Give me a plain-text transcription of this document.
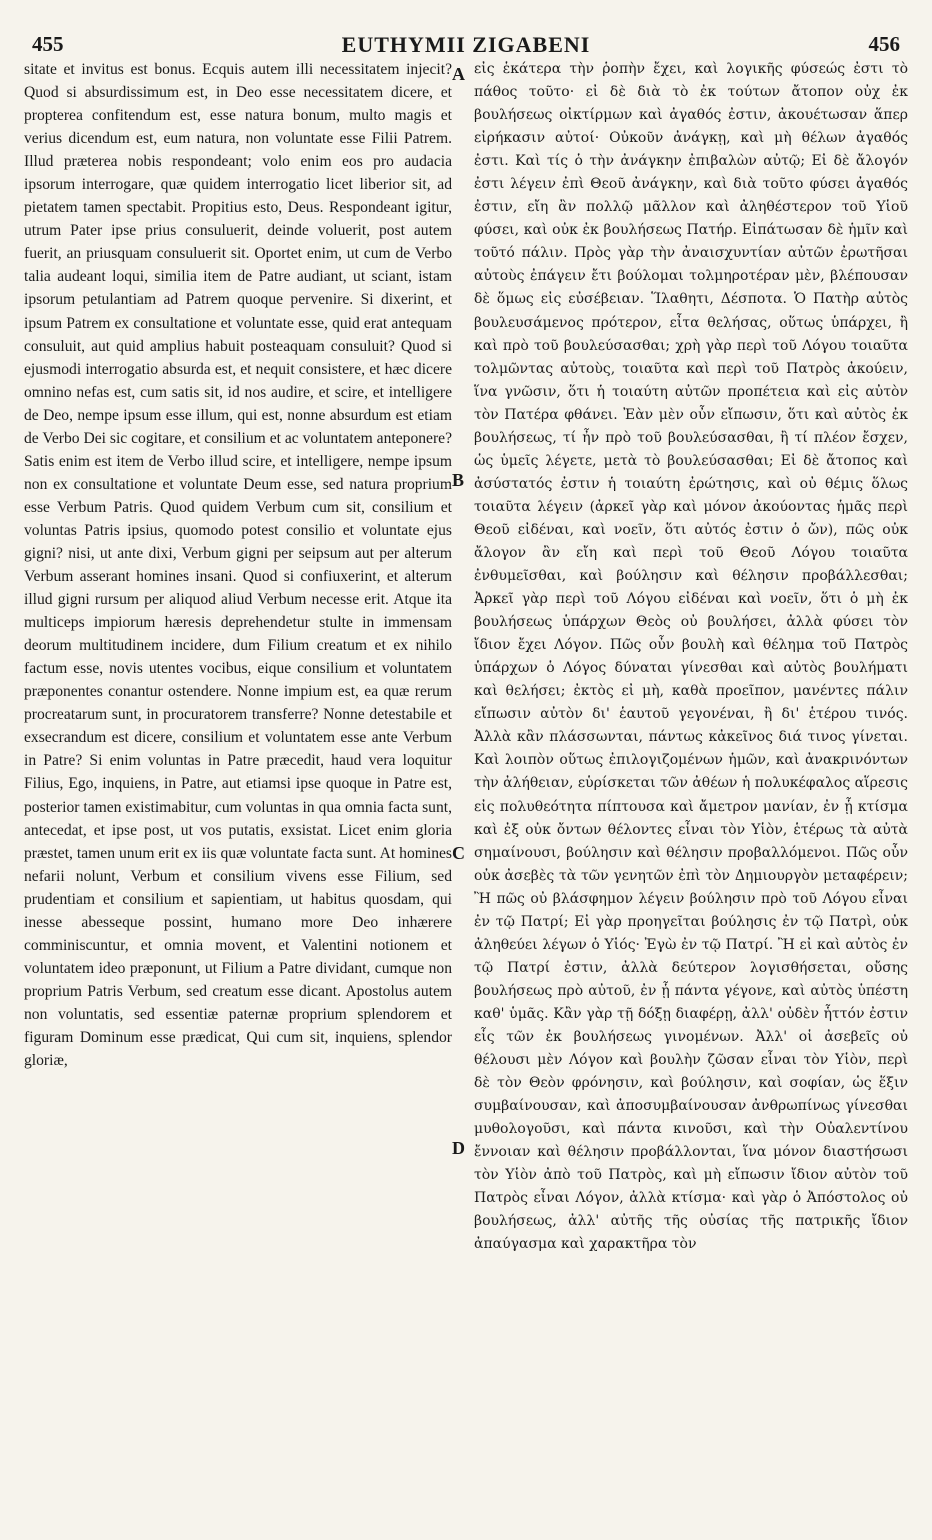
455	EUTHYMII ZIGABENI	456

sitate et invitus est bonus. Ecquis autem illi necessitatem injecit? Quod si absurdissimum est, in Deo esse necessitatem dicere, et propterea confitendum est, esse natura bonum, multo magis et verius dicendum est, eum natura, non voluntate esse Filii Patrem. Illud præterea nobis respondeant; volo enim eos pro audacia ipsorum interrogare, quæ quidem interrogatio licet liberior sit, ad pietatem tamen spectabit. Propitius esto, Deus. Respondeant igitur, utrum Pater ipse prius consuluerit, deinde voluerit, post autem fuerit, an priusquam consuluerit sit. Oportet enim, ut cum de Verbo talia audeant loqui, similia item de Patre audiant, ut sciant, istam ipsorum petulantiam ad Patrem quoque pervenire. Si dixerint, et ipsum Patrem ex consultatione et voluntate esse, quid erat antequam consuluit, aut quid amplius habuit posteaquam consuluit? Quod si ejusmodi interrogatio absurda est, et nequit consistere, et hæc dicere omnino nefas est, cum satis sit, id nos audire, et scire, et intelligere de Deo, nempe ipsum esse illum, qui est, nonne absurdum est etiam de Verbo Dei sic cogitare, et consilium et ac voluntatem anteponere? Satis enim est item de Verbo illud scire, et intelligere, nempe ipsum non ex consultatione et voluntate Deum esse, sed natura proprium esse Verbum Patris. Quod quidem Verbum cum sit, consilium et voluntas Patris ipsius, quomodo potest consilio et voluntate ejus gigni? nisi, ut ante dixi, Verbum gigni per seipsum aut per alterum Verbum asserant homines insani. Quod si confiuxerint, et alterum illud gigni rursum per aliquod aliud Verbum necesse erit. Atque ita multiceps impiorum hæresis deprehendetur stulte in immensam deorum multitudinem incidere, dum Filium creatum et ex nihilo factum esse, novis utentes vocibus, eique consilium et voluntatem præponentes conantur ostendere. Nonne impium est, ea quæ rerum procreatarum sunt, in procuratorem transferre? Nonne detestabile et exsecrandum est dicere, consilium et voluntatem esse ante Verbum in Patre? Si enim voluntas in Patre præcedit, haud vera loquitur Filius, Ego, inquiens, in Patre, aut etiamsi ipse quoque in Patre est, posterior tamen existimabitur, cum voluntas in qua omnia facta sunt, antecedat, et ipse post, ut vos putatis, exsistat. Licet enim gloria præstet, tamen unum erit ex iis quæ voluntate facta sunt. At homines nefarii nolunt, Verbum et consilium vivens esse Filium, sed prudentiam et consilium et sapientiam, ut habitus quosdam, qui inesse abesseque possint, humano more Deo inhærere comminiscuntur, et omnia movent, et Valentini notionem et voluntatem ideo præponunt, ut Filium a Patre dividant, cumque non proprium Patris Verbum, sed creatum esse dicant. Apostolus autem non voluntatis, sed essentiæ paternæ proprium splendorem et figuram Dominum esse prædicat, Qui cum sit, inquiens, splendor gloriæ,

A
B
C
D

εἰς ἑκάτερα τὴν ῥοπὴν ἔχει, καὶ λογικῆς φύσεώς ἐστι τὸ πάθος τοῦτο· εἰ δὲ διὰ τὸ ἐκ τούτων ἄτοπον οὐχ ἐκ βουλήσεως οἰκτίρμων καὶ ἀγαθός ἐστιν, ἀκουέτωσαν ἅπερ εἰρήκασιν αὐτοί· Οὐκοῦν ἀνάγκῃ, καὶ μὴ θέλων ἀγαθός ἐστι. Καὶ τίς ὁ τὴν ἀνάγκην ἐπιβαλὼν αὐτῷ; Εἰ δὲ ἄλογόν ἐστι λέγειν ἐπὶ Θεοῦ ἀνάγκην, καὶ διὰ τοῦτο φύσει ἀγαθός ἐστιν, εἴη ἂν πολλῷ μᾶλλον καὶ ἀληθέστερον τοῦ Υἱοῦ φύσει, καὶ οὐκ ἐκ βουλήσεως Πατήρ. Εἰπάτωσαν δὲ ἡμῖν καὶ τοῦτό πάλιν. Πρὸς γὰρ τὴν ἀναισχυντίαν αὐτῶν ἐρωτῆσαι αὐτοὺς ἐπάγειν ἔτι βούλομαι τολμηροτέραν μὲν, βλέπουσαν δὲ ὅμως εἰς εὐσέβειαν. Ἵλαθητι, Δέσποτα. Ὁ Πατὴρ αὐτὸς βουλευσάμενος πρότερον, εἶτα θελήσας, οὕτως ὑπάρχει, ἢ καὶ πρὸ τοῦ βουλεύσασθαι; χρὴ γὰρ περὶ τοῦ Λόγου τοιαῦτα τολμῶντας αὐτοὺς, τοιαῦτα καὶ περὶ τοῦ Πατρὸς ἀκούειν, ἵνα γνῶσιν, ὅτι ἡ τοιαύτη αὐτῶν προπέτεια καὶ εἰς αὐτὸν τὸν Πατέρα φθάνει. Ἐὰν μὲν οὖν εἴπωσιν, ὅτι καὶ αὐτὸς ἐκ βουλήσεως, τί ἦν πρὸ τοῦ βουλεύσασθαι, ἢ τί πλέον ἔσχεν, ὡς ὑμεῖς λέγετε, μετὰ τὸ βουλεύσασθαι; Εἰ δὲ ἄτοπος καὶ ἀσύστατός ἐστιν ἡ τοιαύτη ἐρώτησις, καὶ οὐ θέμις ὅλως τοιαῦτα λέγειν (ἀρκεῖ γὰρ καὶ μόνον ἀκούοντας ἡμᾶς περὶ Θεοῦ εἰδέναι, καὶ νοεῖν, ὅτι αὐτός ἐστιν ὁ ὤν), πῶς οὐκ ἄλογον ἂν εἴη καὶ περὶ τοῦ Θεοῦ Λόγου τοιαῦτα ἐνθυμεῖσθαι, καὶ βούλησιν καὶ θέλησιν προβάλλεσθαι; Ἀρκεῖ γὰρ περὶ τοῦ Λόγου εἰδέναι καὶ νοεῖν, ὅτι ὁ μὴ ἐκ βουλήσεως ὑπάρχων Θεὸς οὐ βουλήσει, ἀλλὰ φύσει τὸν ἴδιον ἔχει Λόγον. Πῶς οὖν βουλὴ καὶ θέλημα τοῦ Πατρὸς ὑπάρχων ὁ Λόγος δύναται γίνεσθαι καὶ αὐτὸς βουλήματι καὶ θελήσει; ἐκτὸς εἰ μὴ, καθὰ προεῖπον, μανέντες πάλιν εἴπωσιν αὐτὸν δι' ἑαυτοῦ γεγονέναι, ἢ δι' ἑτέρου τινός. Ἀλλὰ κἂν πλάσσωνται, πάντως κἀκεῖνος διά τινος γίνεται. Καὶ λοιπὸν οὕτως ἐπιλογιζομένων ἡμῶν, καὶ ἀνακρινόντων τὴν ἀλήθειαν, εὑρίσκεται τῶν ἀθέων ἡ πολυκέφαλος αἵρεσις εἰς πολυθεότητα πίπτουσα καὶ ἄμετρον μανίαν, ἐν ᾗ κτίσμα καὶ ἐξ οὐκ ὄντων θέλοντες εἶναι τὸν Υἱὸν, ἑτέρως τὰ αὐτὰ σημαίνουσι, βούλησιν καὶ θέλησιν προβαλλόμενοι. Πῶς οὖν οὐκ ἀσεβὲς τὰ τῶν γενητῶν ἐπὶ τὸν Δημιουργὸν μεταφέρειν; Ἢ πῶς οὐ βλάσφημον λέγειν βούλησιν πρὸ τοῦ Λόγου εἶναι ἐν τῷ Πατρί; Εἰ γὰρ προηγεῖται βούλησις ἐν τῷ Πατρὶ, οὐκ ἀληθεύει λέγων ὁ Υἱός· Ἐγὼ ἐν τῷ Πατρί. Ἢ εἰ καὶ αὐτὸς ἐν τῷ Πατρί ἐστιν, ἀλλὰ δεύτερον λογισθήσεται, οὔσης βουλήσεως πρὸ αὐτοῦ, ἐν ᾗ πάντα γέγονε, καὶ αὐτὸς ὑπέστη καθ' ὑμᾶς. Κἂν γὰρ τῇ δόξῃ διαφέρῃ, ἀλλ' οὐδὲν ἧττόν ἐστιν εἷς τῶν ἐκ βουλήσεως γινομένων. Ἀλλ' οἱ ἀσεβεῖς οὐ θέλουσι μὲν Λόγον καὶ βουλὴν ζῶσαν εἶναι τὸν Υἱὸν, περὶ δὲ τὸν Θεὸν φρόνησιν, καὶ βούλησιν, καὶ σοφίαν, ὡς ἕξιν συμβαίνουσαν, καὶ ἀποσυμβαίνουσαν ἀνθρωπίνως γίνεσθαι μυθολογοῦσι, καὶ πάντα κινοῦσι, καὶ τὴν Οὐαλεντίνου ἔννοιαν καὶ θέλησιν προβάλλονται, ἵνα μόνον διαστήσωσι τὸν Υἱὸν ἀπὸ τοῦ Πατρὸς, καὶ μὴ εἴπωσιν ἴδιον αὐτὸν τοῦ Πατρὸς εἶναι Λόγον, ἀλλὰ κτίσμα· καὶ γὰρ ὁ Ἀπόστολος οὐ βουλήσεως, ἀλλ' αὐτῆς τῆς οὐσίας τῆς πατρικῆς ἴδιον ἀπαύγασμα καὶ χαρακτῆρα τὸν
